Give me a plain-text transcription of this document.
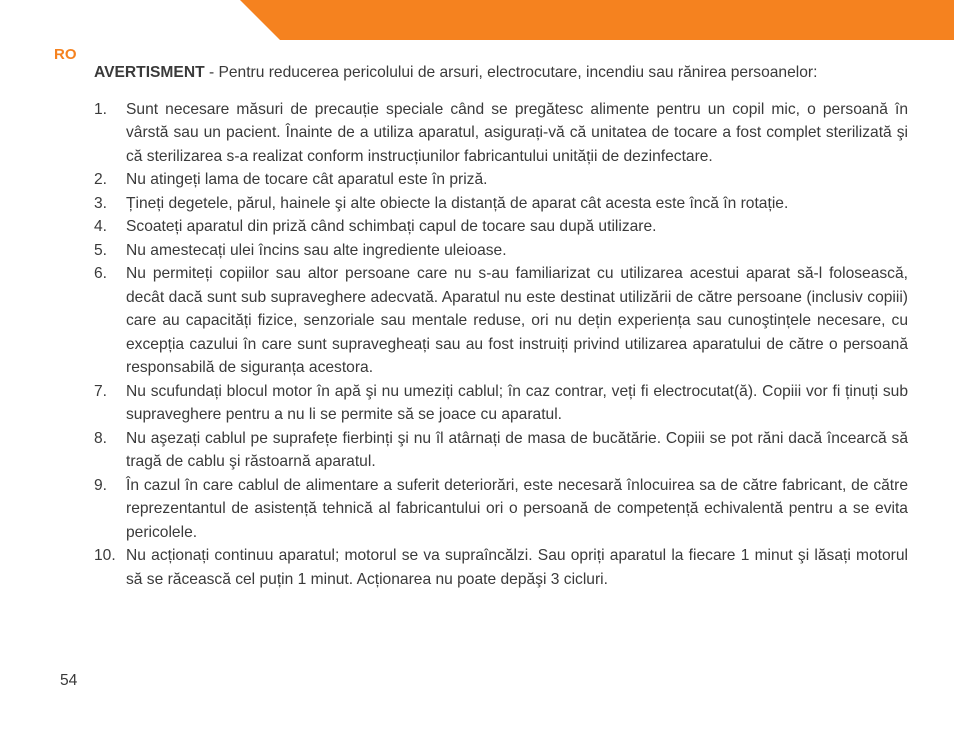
RO

AVERTISMENT - Pentru reducerea pericolului de arsuri, electrocutare, incendiu sau rănirea persoanelor:

1.	Sunt necesare măsuri de precauție speciale când se pregătesc alimente pentru un copil mic, o persoană în vârstă sau un pacient. Înainte de a utiliza aparatul, asigurați-vă că unitatea de tocare a fost complet sterilizată şi că sterilizarea s-a realizat conform instrucțiunilor fabricantului unității de dezinfectare.
2.	Nu atingeți lama de tocare cât aparatul este în priză.
3.	Țineți degetele, părul, hainele şi alte obiecte la distanță de aparat cât acesta este încă în rotație.
4.	Scoateți aparatul din priză când schimbați capul de tocare sau după utilizare.
5.	Nu amestecați ulei încins sau alte ingrediente uleioase.
6.	Nu permiteți copiilor sau altor persoane care nu s-au familiarizat cu utilizarea acestui aparat să-l folosească, decât dacă sunt sub supraveghere adecvată. Aparatul nu este destinat utilizării de către persoane (inclusiv copiii) care au capacități fizice, senzoriale sau mentale reduse, ori nu dețin experiența sau cunoştințele necesare, cu excepția cazului în care sunt supravegheați sau au fost instruiți privind utilizarea aparatului de către o persoană responsabilă de siguranța acestora.
7.	Nu scufundați blocul motor în apă şi nu umeziți cablul; în caz contrar, veți fi electrocutat(ă). Copiii vor fi ținuți sub supraveghere pentru a nu li se permite să se joace cu aparatul.
8.	Nu aşezați cablul pe suprafețe fierbinți şi nu îl atârnați de masa de bucătărie. Copiii se pot răni dacă încearcă să tragă de cablu şi răstoarnă aparatul.
9.	În cazul în care cablul de alimentare a suferit deteriorări, este necesară înlocuirea sa de către fabricant, de către reprezentantul de asistență tehnică al fabricantului ori o persoană de competență echivalentă pentru a se evita pericolele.
10. Nu acționați continuu aparatul; motorul se va supraîncălzi. Sau opriți aparatul la fiecare 1 minut şi lăsați motorul să se răcească cel puțin 1 minut. Acționarea nu poate depăşi 3 cicluri.
54
